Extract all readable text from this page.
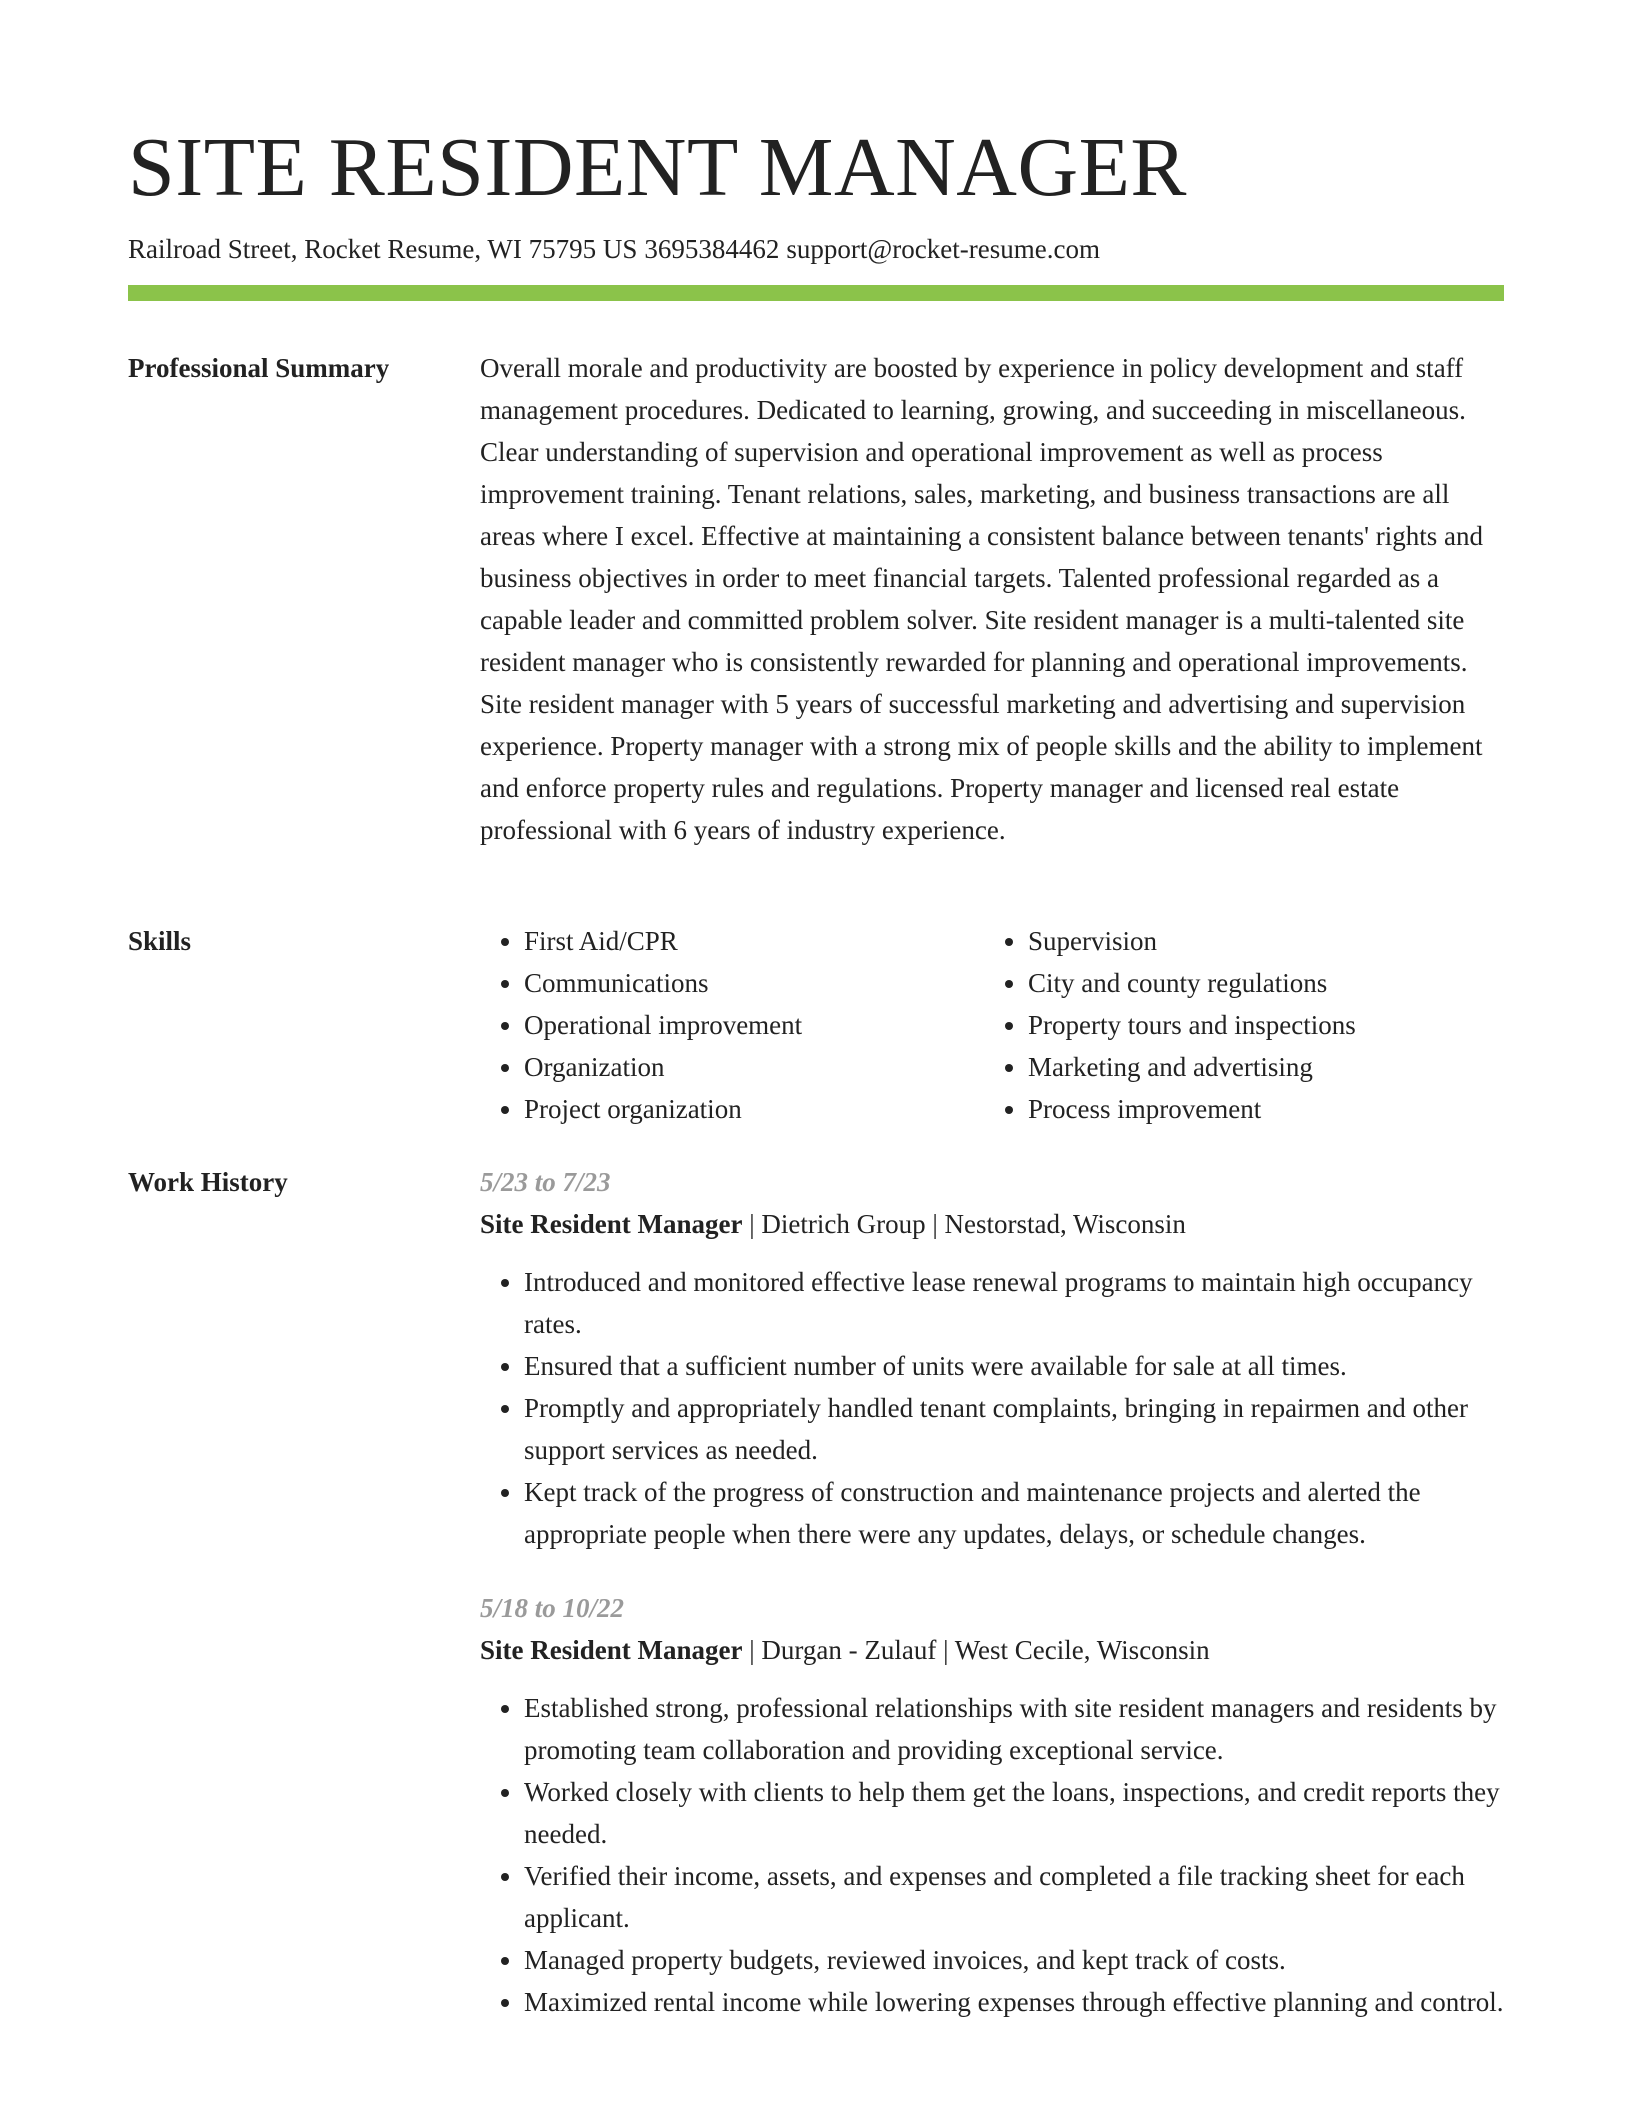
SITE RESIDENT MANAGER
Railroad Street, Rocket Resume, WI 75795 US 3695384462 support@rocket-resume.com
Professional Summary	Overall morale and productivity are boosted by experience in policy development and staff management procedures. Dedicated to learning, growing, and succeeding in miscellaneous. Clear understanding of supervision and operational improvement as well as process improvement training. Tenant relations, sales, marketing, and business transactions are all areas where I excel. Effective at maintaining a consistent balance between tenants' rights and business objectives in order to meet financial targets. Talented professional regarded as a capable leader and committed problem solver. Site resident manager is a multi-talented site resident manager who is consistently rewarded for planning and operational improvements. Site resident manager with 5 years of successful marketing and advertising and supervision experience. Property manager with a strong mix of people skills and the ability to implement and enforce property rules and regulations. Property manager and licensed real estate professional with 6 years of industry experience.

Skills
•	First Aid/CPR
• Communications
• Operational improvement
• Organization
• Project organization
• Supervision
• City and county regulations
• Property tours and inspections
• Marketing and advertising
• Process improvement
Work History	5/23 to 7/23
Site Resident Manager | Dietrich Group | Nestorstad, Wisconsin
• Introduced and monitored effective lease renewal programs to maintain high occupancy rates.
• Ensured that a sufficient number of units were available for sale at all times.
• Promptly and appropriately handled tenant complaints, bringing in repairmen and other support services as needed.
• Kept track of the progress of construction and maintenance projects and alerted the appropriate people when there were any updates, delays, or schedule changes.
5/18 to 10/22
Site Resident Manager | Durgan - Zulauf | West Cecile, Wisconsin
• Established strong, professional relationships with site resident managers and residents by promoting team collaboration and providing exceptional service.
• Worked closely with clients to help them get the loans, inspections, and credit reports they needed.
• Verified their income, assets, and expenses and completed a file tracking sheet for each applicant.
• Managed property budgets, reviewed invoices, and kept track of costs.
• Maximized rental income while lowering expenses through effective planning and control.
